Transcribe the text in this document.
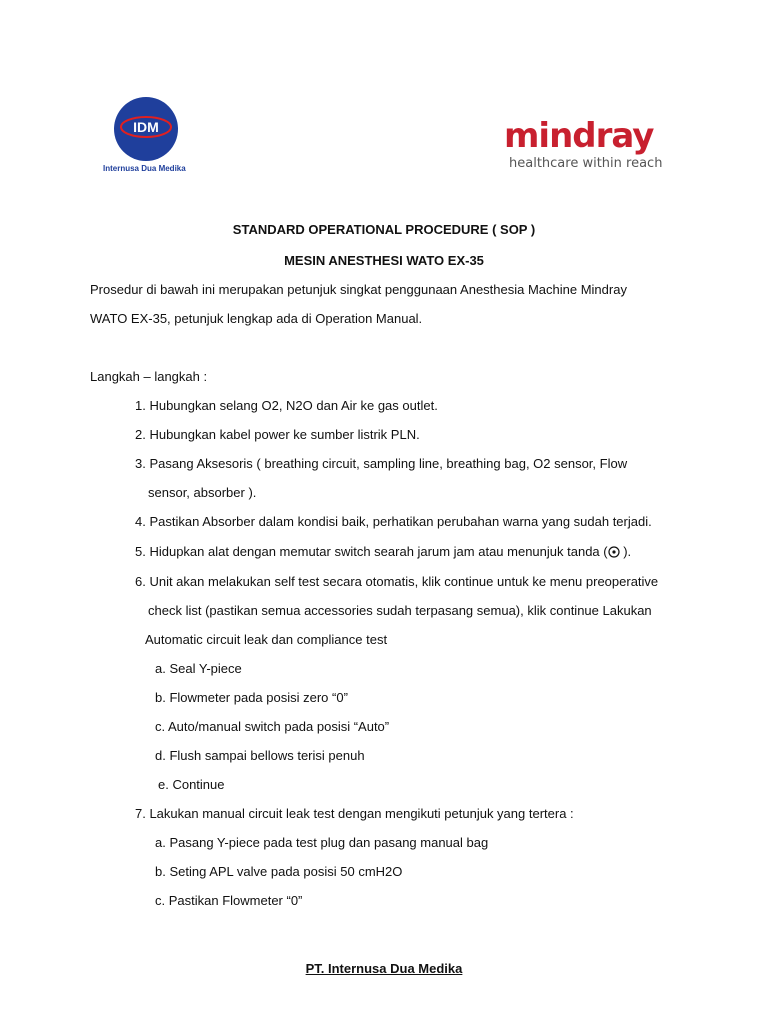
IDM
Internusa Dua Medika
mindray
healthcare within reach
STANDARD OPERATIONAL PROCEDURE ( SOP )
MESIN ANESTHESI WATO EX-35
Prosedur di bawah ini merupakan petunjuk singkat penggunaan Anesthesia Machine Mindray
WATO EX-35, petunjuk lengkap ada di Operation Manual.
Langkah – langkah :
1. Hubungkan selang O2, N2O dan Air ke gas outlet.
2. Hubungkan kabel power ke sumber listrik PLN.
3. Pasang Aksesoris ( breathing circuit, sampling line, breathing bag, O2 sensor, Flow
sensor, absorber ).
4. Pastikan Absorber dalam kondisi baik, perhatikan perubahan warna yang sudah terjadi.
5. Hidupkan alat dengan memutar switch searah jarum jam atau menunjuk tanda ( ).
6. Unit akan melakukan self test secara otomatis, klik continue untuk ke menu preoperative
check list (pastikan semua accessories sudah terpasang semua), klik continue Lakukan
Automatic circuit leak dan compliance test
a. Seal Y-piece
b. Flowmeter pada posisi zero “0”
c. Auto/manual switch pada posisi “Auto”
d. Flush sampai bellows terisi penuh
e. Continue
7. Lakukan manual circuit leak test dengan mengikuti petunjuk yang tertera :
a. Pasang Y-piece pada test plug dan pasang manual bag
b. Seting APL valve pada posisi 50 cmH2O
c. Pastikan Flowmeter “0”
PT. Internusa Dua Medika
